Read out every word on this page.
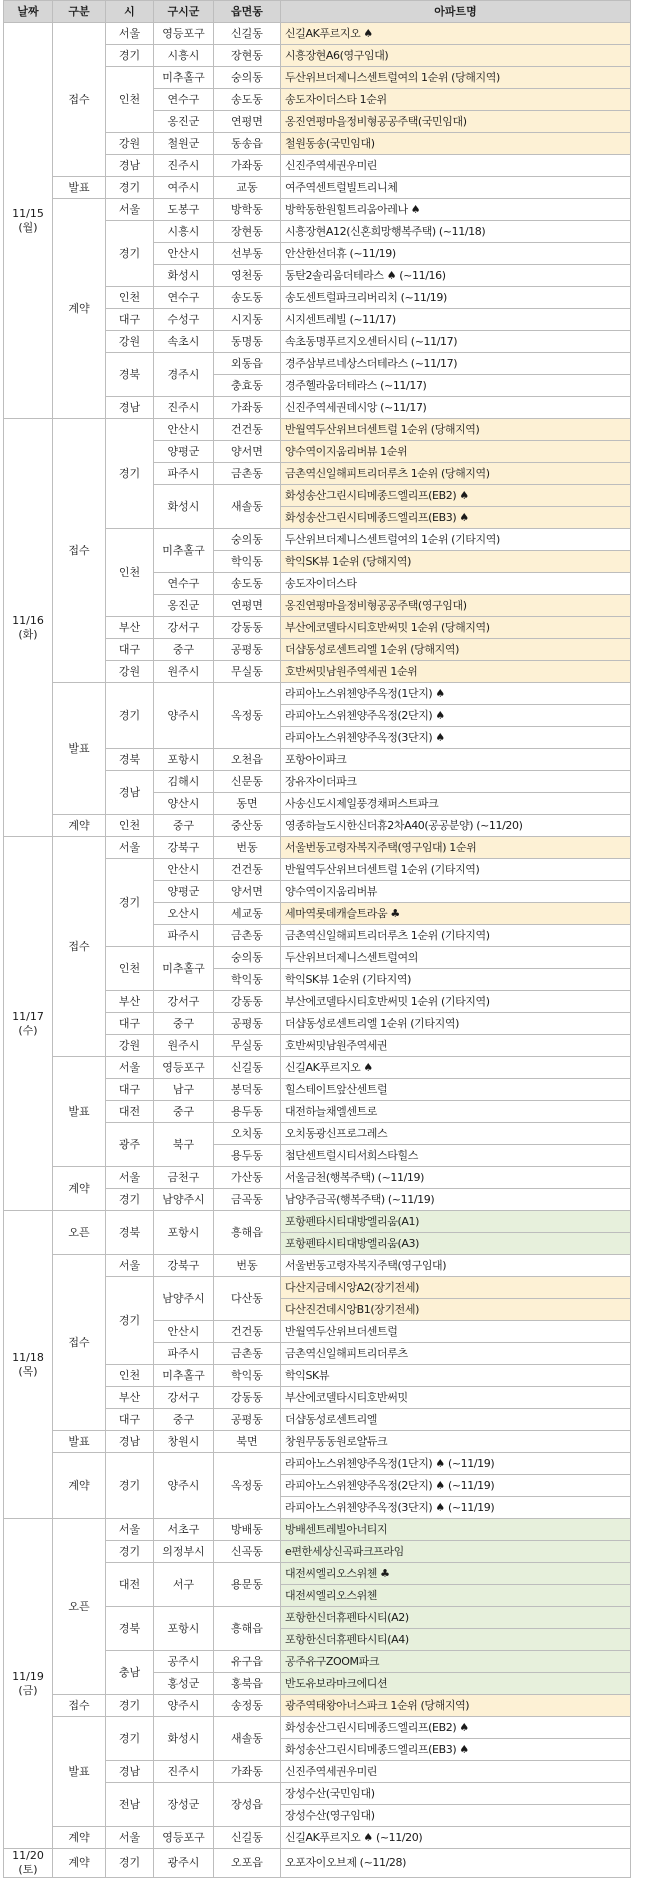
날짜	구분	시	구시군	읍면동	아파트명
11/15
(월)	접수	서울	영등포구	신길동	신길AK푸르지오 ♠
		경기	시흥시	장현동	시흥장현A6(영구임대)
		인천	미추홀구	숭의동	두산위브더제니스센트럴여의 1순위 (당해지역)
			연수구	송도동	송도자이더스타 1순위
			옹진군	연평면	옹진연평마을정비형공공주택(국민임대)
		강원	철원군	동송읍	철원동송(국민임대)
		경남	진주시	가좌동	신진주역세권우미린
	발표	경기	여주시	교동	여주역센트럴빌트리니체
	계약	서울	도봉구	방학동	방학동한원힐트리움아레나 ♠
		경기	시흥시	장현동	시흥장현A12(신혼희망행복주택) (~11/18)
			안산시	선부동	안산한선더휴 (~11/19)
			화성시	영천동	동탄2솔리움더테라스 ♠ (~11/16)
		인천	연수구	송도동	송도센트럴파크리버리치 (~11/19)
		대구	수성구	시지동	시지센트레빌 (~11/17)
		강원	속초시	동명동	속초동명푸르지오센터시티 (~11/17)
		경북	경주시	외동읍	경주삼부르네상스더테라스 (~11/17)
				충효동	경주헬라움더테라스 (~11/17)
		경남	진주시	가좌동	신진주역세권데시앙 (~11/17)
11/16
(화)	접수	경기	안산시	건건동	반월역두산위브더센트럴 1순위 (당해지역)
			양평군	양서면	양수역이지움리버뷰 1순위
			파주시	금촌동	금촌역신일해피트리더루츠 1순위 (당해지역)
			화성시	새솔동	화성송산그린시티메종드엘리프(EB2) ♠
					화성송산그린시티메종드엘리프(EB3) ♠
		인천	미추홀구	숭의동	두산위브더제니스센트럴여의 1순위 (기타지역)
				학익동	학익SK뷰 1순위 (당해지역)
			연수구	송도동	송도자이더스타
			옹진군	연평면	옹진연평마을정비형공공주택(영구임대)
		부산	강서구	강동동	부산에코델타시티호반써밋 1순위 (당해지역)
		대구	중구	공평동	더샵동성로센트리엘 1순위 (당해지역)
		강원	원주시	무실동	호반써밋남원주역세권 1순위
	발표	경기	양주시	옥정동	라피아노스위첸양주옥정(1단지) ♠
					라피아노스위첸양주옥정(2단지) ♠
					라피아노스위첸양주옥정(3단지) ♠
		경북	포항시	오천읍	포항아이파크
		경남	김해시	신문동	장유자이더파크
			양산시	동면	사송신도시제일풍경채퍼스트파크
	계약	인천	중구	중산동	영종하늘도시한신더휴2차A40(공공분양) (~11/20)
11/17
(수)	접수	서울	강북구	번동	서울번동고령자복지주택(영구임대) 1순위
		경기	안산시	건건동	반월역두산위브더센트럴 1순위 (기타지역)
			양평군	양서면	양수역이지움리버뷰
			오산시	세교동	세마역롯데캐슬트라움 ♣
			파주시	금촌동	금촌역신일해피트리더루츠 1순위 (기타지역)
		인천	미추홀구	숭의동	두산위브더제니스센트럴여의
				학익동	학익SK뷰 1순위 (기타지역)
		부산	강서구	강동동	부산에코델타시티호반써밋 1순위 (기타지역)
		대구	중구	공평동	더샵동성로센트리엘 1순위 (기타지역)
		강원	원주시	무실동	호반써밋남원주역세권
	발표	서울	영등포구	신길동	신길AK푸르지오 ♠
		대구	남구	봉덕동	힐스테이트앞산센트럴
		대전	중구	용두동	대전하늘채엘센트로
		광주	북구	오치동	오치동광신프로그레스
				용두동	첨단센트럴시티서희스타힐스
	계약	서울	금천구	가산동	서울금천(행복주택) (~11/19)
		경기	남양주시	금곡동	남양주금곡(행복주택) (~11/19)
11/18
(목)	오픈	경북	포항시	흥해읍	포항펜타시티대방엘리움(A1)
					포항펜타시티대방엘리움(A3)
	접수	서울	강북구	번동	서울번동고령자복지주택(영구임대)
		경기	남양주시	다산동	다산지금데시앙A2(장기전세)
					다산진건데시앙B1(장기전세)
			안산시	건건동	반월역두산위브더센트럴
			파주시	금촌동	금촌역신일해피트리더루츠
		인천	미추홀구	학익동	학익SK뷰
		부산	강서구	강동동	부산에코델타시티호반써밋
		대구	중구	공평동	더샵동성로센트리엘
	발표	경남	창원시	북면	창원무동동원로얄듀크
	계약	경기	양주시	옥정동	라피아노스위첸양주옥정(1단지) ♠ (~11/19)
					라피아노스위첸양주옥정(2단지) ♠ (~11/19)
					라피아노스위첸양주옥정(3단지) ♠ (~11/19)
11/19
(금)	오픈	서울	서초구	방배동	방배센트레빌아너티지
		경기	의정부시	신곡동	e편한세상신곡파크프라임
		대전	서구	용문동	대전씨엘리오스위첸 ♣
					대전씨엘리오스위첸
		경북	포항시	흥해읍	포항한신더휴펜타시티(A2)
					포항한신더휴펜타시티(A4)
		충남	공주시	유구읍	공주유구ZOOM파크
			홍성군	홍북읍	반도유보라마크에디션
	접수	경기	양주시	송정동	광주역태왕아너스파크 1순위 (당해지역)
	발표	경기	화성시	새솔동	화성송산그린시티메종드엘리프(EB2) ♠
					화성송산그린시티메종드엘리프(EB3) ♠
		경남	진주시	가좌동	신진주역세권우미린
		전남	장성군	장성읍	장성수산(국민임대)
					장성수산(영구임대)
	계약	서울	영등포구	신길동	신길AK푸르지오 ♠ (~11/20)
11/20
(토)	계약	경기	광주시	오포읍	오포자이오브제 (~11/28)
